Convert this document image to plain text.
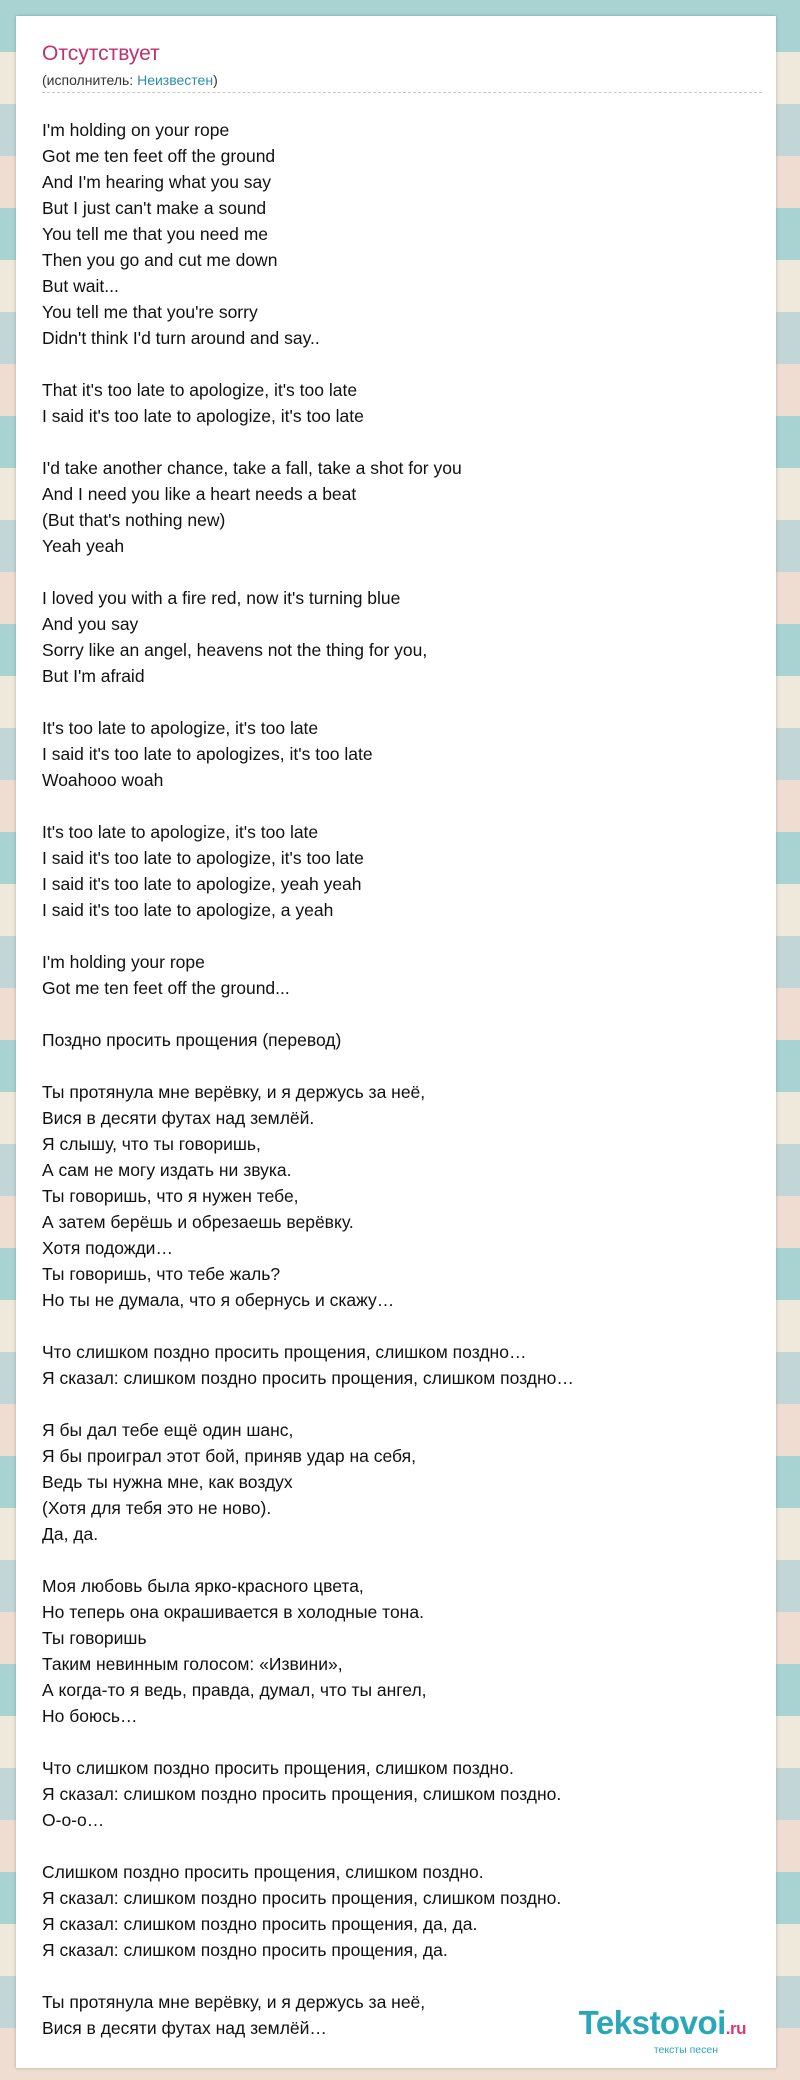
Отсутствует
(исполнитель: Неизвестен)
I'm holding on your rope
Got me ten feet off the ground
And I'm hearing what you say
But I just can't make a sound
You tell me that you need me
Then you go and cut me down
But wait...
You tell me that you're sorry
Didn't think I'd turn around and say..
That it's too late to apologize, it's too late
I said it's too late to apologize, it's too late
I'd take another chance, take a fall, take a shot for you
And I need you like a heart needs a beat
(But that's nothing new)
Yeah yeah
I loved you with a fire red, now it's turning blue
And you say
Sorry like an angel, heavens not the thing for you,
But I'm afraid
It's too late to apologize, it's too late
I said it's too late to apologizes, it's too late
Woahooo woah
It's too late to apologize, it's too late
I said it's too late to apologize, it's too late
I said it's too late to apologize, yeah yeah
I said it's too late to apologize, a yeah
I'm holding your rope
Got me ten feet off the ground...
Поздно просить прощения (перевод)
Ты протянула мне верёвку, и я держусь за неё,
Вися в десяти футах над землёй.
Я слышу, что ты говоришь,
А сам не могу издать ни звука.
Ты говоришь, что я нужен тебе,
А затем берёшь и обрезаешь верёвку.
Хотя подожди…
Ты говоришь, что тебе жаль?
Но ты не думала, что я обернусь и скажу…
Что слишком поздно просить прощения, слишком поздно…
Я сказал: слишком поздно просить прощения, слишком поздно…
Я бы дал тебе ещё один шанс,
Я бы проиграл этот бой, приняв удар на себя,
Ведь ты нужна мне, как воздух
(Хотя для тебя это не ново).
Да, да.
Моя любовь была ярко-красного цвета,
Но теперь она окрашивается в холодные тона.
Ты говоришь
Таким невинным голосом: «Извини»,
А когда-то я ведь, правда, думал, что ты ангел,
Но боюсь…
Что слишком поздно просить прощения, слишком поздно.
Я сказал: слишком поздно просить прощения, слишком поздно.
О-о-о…
Слишком поздно просить прощения, слишком поздно.
Я сказал: слишком поздно просить прощения, слишком поздно.
Я сказал: слишком поздно просить прощения, да, да.
Я сказал: слишком поздно просить прощения, да.
Ты протянула мне верёвку, и я держусь за неё,
Вися в десяти футах над землёй…	Tekstovoi.ru
тексты песен
